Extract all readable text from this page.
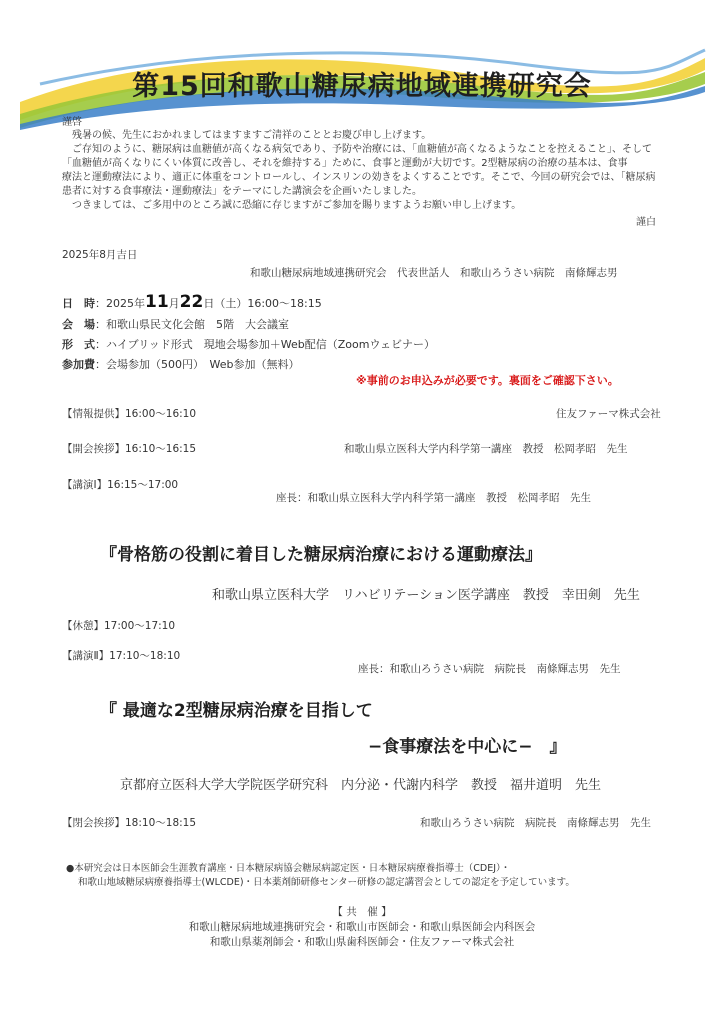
第15回和歌山糖尿病地域連携研究会
謹啓
残暑の候、先生におかれましてはますますご清祥のこととお慶び申し上げます。
ご存知のように、糖尿病は血糖値が高くなる病気であり、予防や治療には、「血糖値が高くなるようなことを控えること」、そして
「血糖値が高くなりにくい体質に改善し、それを維持する」ために、食事と運動が大切です。2型糖尿病の治療の基本は、食事
療法と運動療法により、適正に体重をコントロールし、インスリンの効きをよくすることです。そこで、今回の研究会では、「糖尿病
患者に対する食事療法・運動療法」をテーマにした講演会を企画いたしました。
つきましては、ご多用中のところ誠に恐縮に存じますがご参加を賜りますようお願い申し上げます。
謹白
2025年8月吉日
和歌山糖尿病地域連携研究会　代表世話人　和歌山ろうさい病院　南條輝志男
日　時：2025年11月22日（土）16:00～18:15
会　場：和歌山県民文化会館　5階　大会議室
形　式：ハイブリッド形式　現地会場参加＋Web配信（Zoomウェビナー）
参加費：会場参加（500円）　Web参加（無料）
※事前のお申込みが必要です。裏面をご確認下さい。
【情報提供】16:00～16:10	住友ファーマ株式会社
【開会挨拶】16:10～16:15	和歌山県立医科大学内科学第一講座　教授　松岡孝昭　先生
【講演Ⅰ】16:15～17:00
座長：和歌山県立医科大学内科学第一講座　教授　松岡孝昭　先生
『骨格筋の役割に着目した糖尿病治療における運動療法』
和歌山県立医科大学　リハビリテーション医学講座　教授　幸田剣　先生
【休憩】17:00～17:10
【講演Ⅱ】17:10～18:10
座長：和歌山ろうさい病院　病院長　南條輝志男　先生
『 最適な2型糖尿病治療を目指して
−食事療法を中心に−　』
京都府立医科大学大学院医学研究科　内分泌・代謝内科学　教授　福井道明　先生
【閉会挨拶】18:10～18:15	和歌山ろうさい病院　病院長　南條輝志男　先生
●本研究会は日本医師会生涯教育講座・日本糖尿病協会糖尿病認定医・日本糖尿病療養指導士（CDEJ）・
和歌山地域糖尿病療養指導士(WLCDE)・日本薬剤師研修センター研修の認定講習会としての認定を予定しています。
【 共　催 】
和歌山糖尿病地域連携研究会・和歌山市医師会・和歌山県医師会内科医会
和歌山県薬剤師会・和歌山県歯科医師会・住友ファーマ株式会社
